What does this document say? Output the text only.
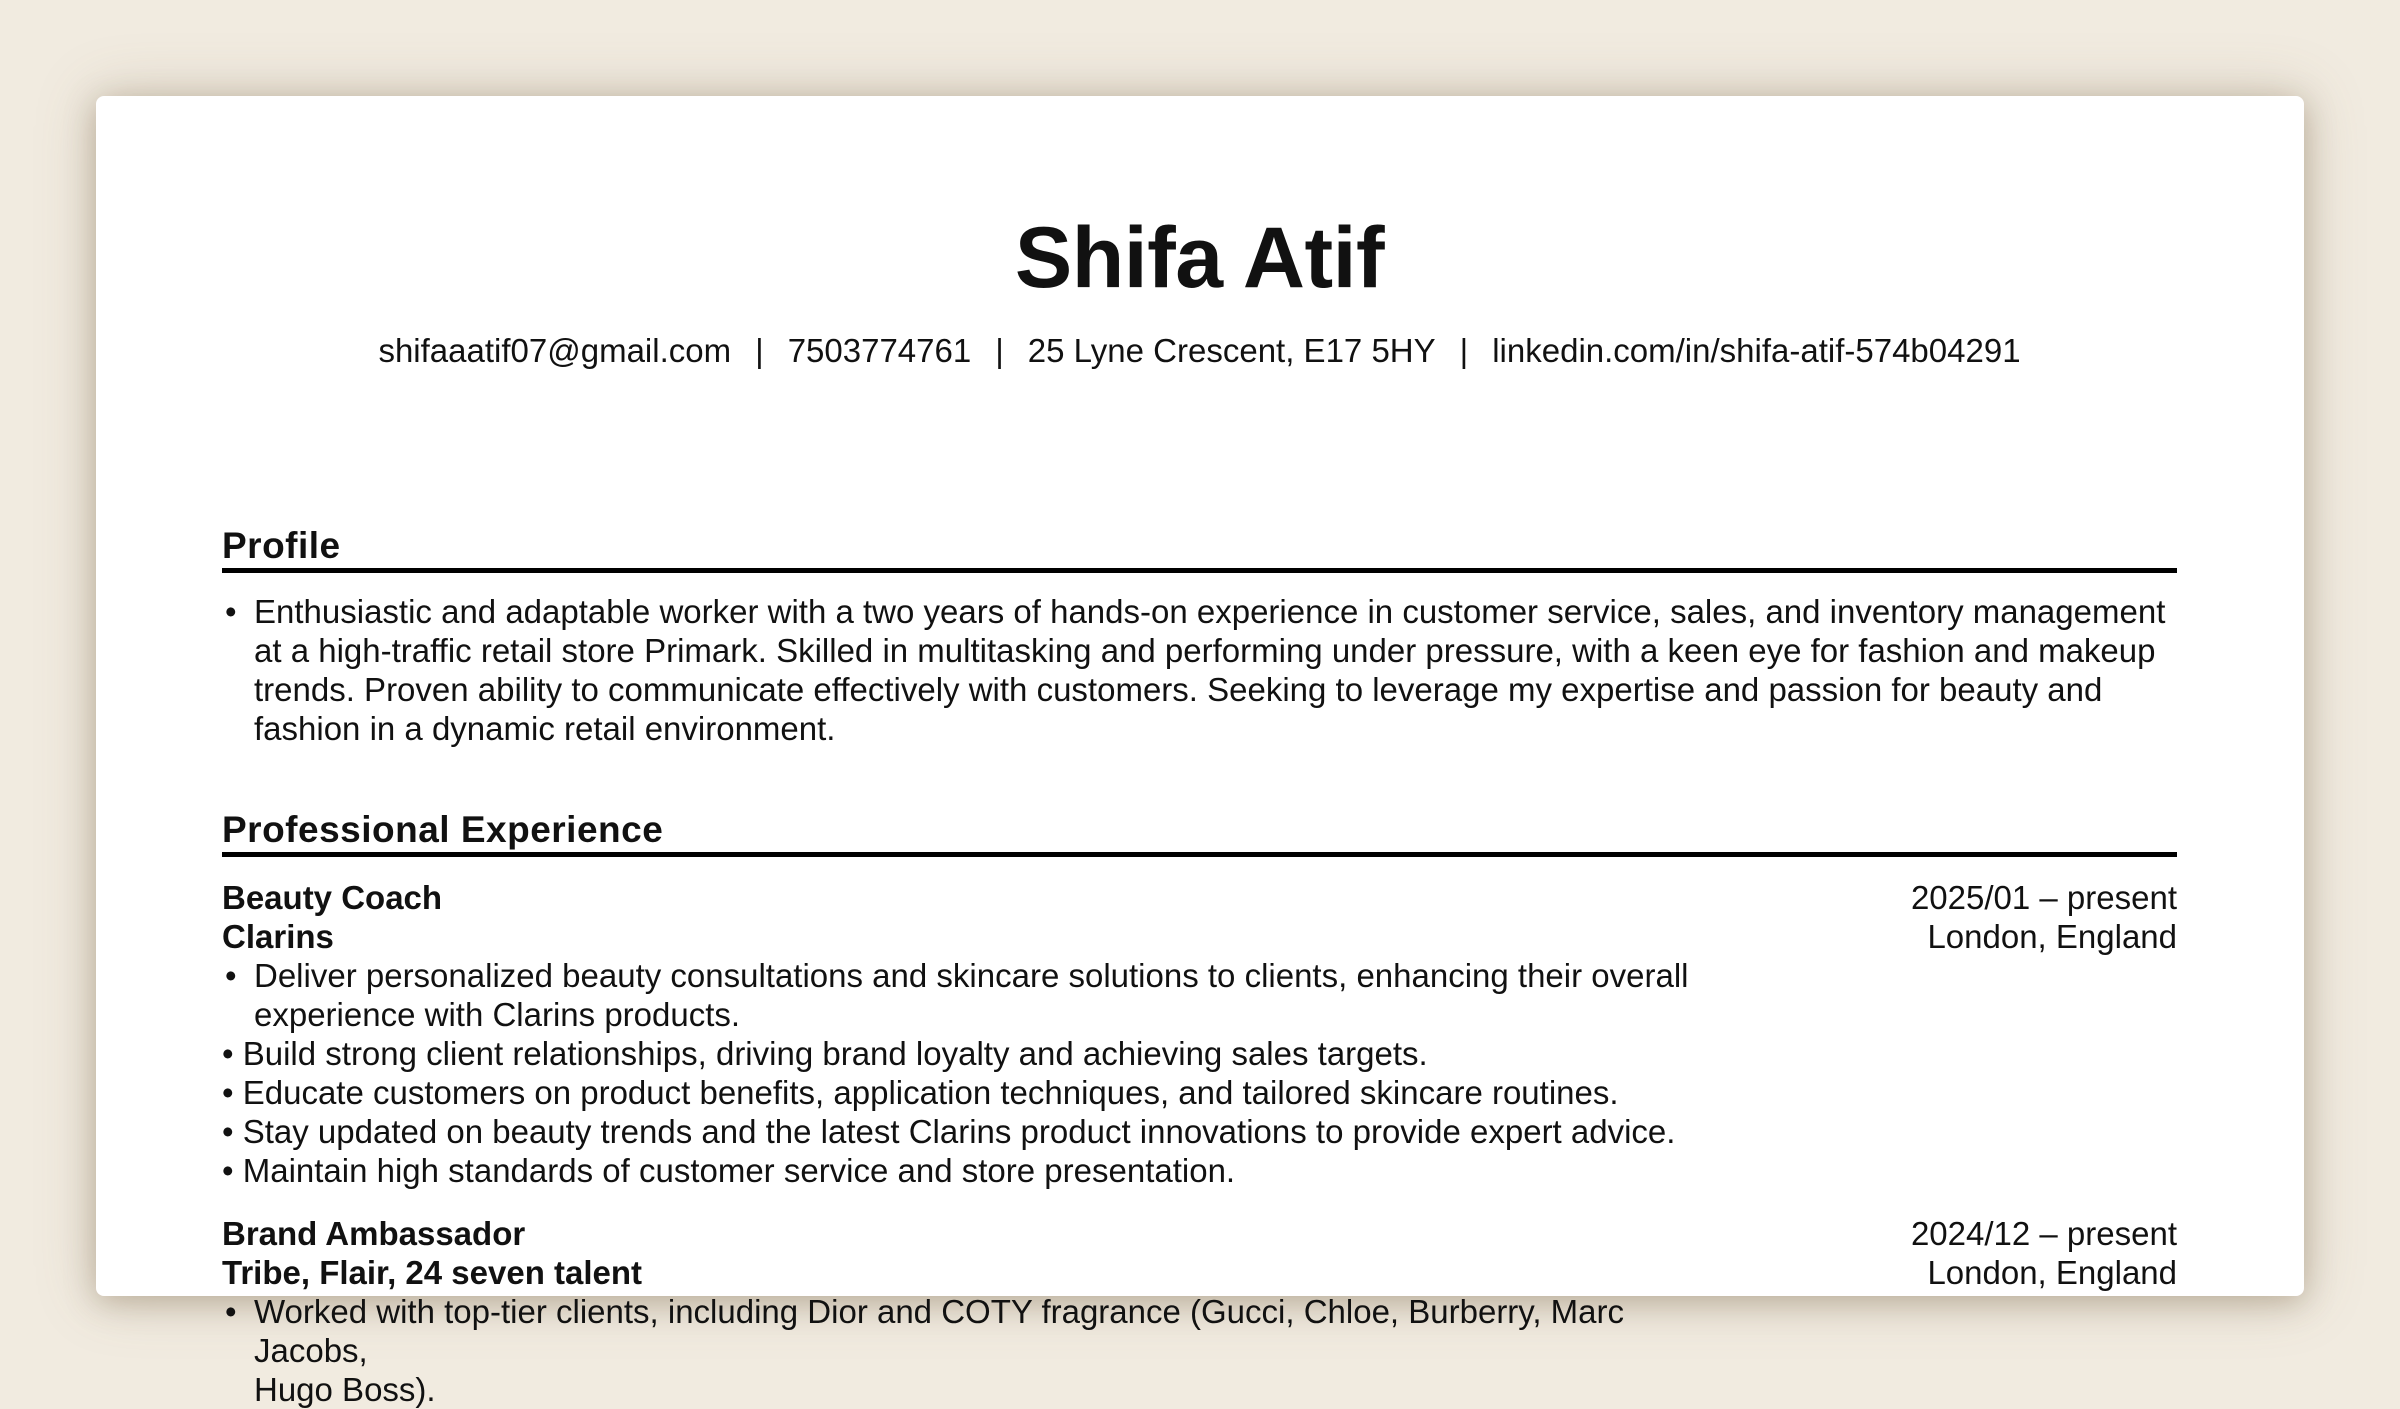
Shifa Atif
shifaaatif07@gmail.com | 7503774761 | 25 Lyne Crescent, E17 5HY | linkedin.com/in/shifa-atif-574b04291
Profile
• Enthusiastic and adaptable worker with a two years of hands-on experience in customer service, sales, and inventory management
at a high-traffic retail store Primark. Skilled in multitasking and performing under pressure, with a keen eye for fashion and makeup
trends. Proven ability to communicate effectively with customers. Seeking to leverage my expertise and passion for beauty and
fashion in a dynamic retail environment.
Professional Experience
Beauty Coach
Clarins
2025/01 – present
London, England
• Deliver personalized beauty consultations and skincare solutions to clients, enhancing their overall
experience with Clarins products.
• Build strong client relationships, driving brand loyalty and achieving sales targets.
• Educate customers on product benefits, application techniques, and tailored skincare routines.
• Stay updated on beauty trends and the latest Clarins product innovations to provide expert advice.
• Maintain high standards of customer service and store presentation.
Brand Ambassador
Tribe, Flair, 24 seven talent
2024/12 – present
London, England
• Worked with top-tier clients, including Dior and COTY fragrance (Gucci, Chloe, Burberry, Marc Jacobs,
Hugo Boss).
